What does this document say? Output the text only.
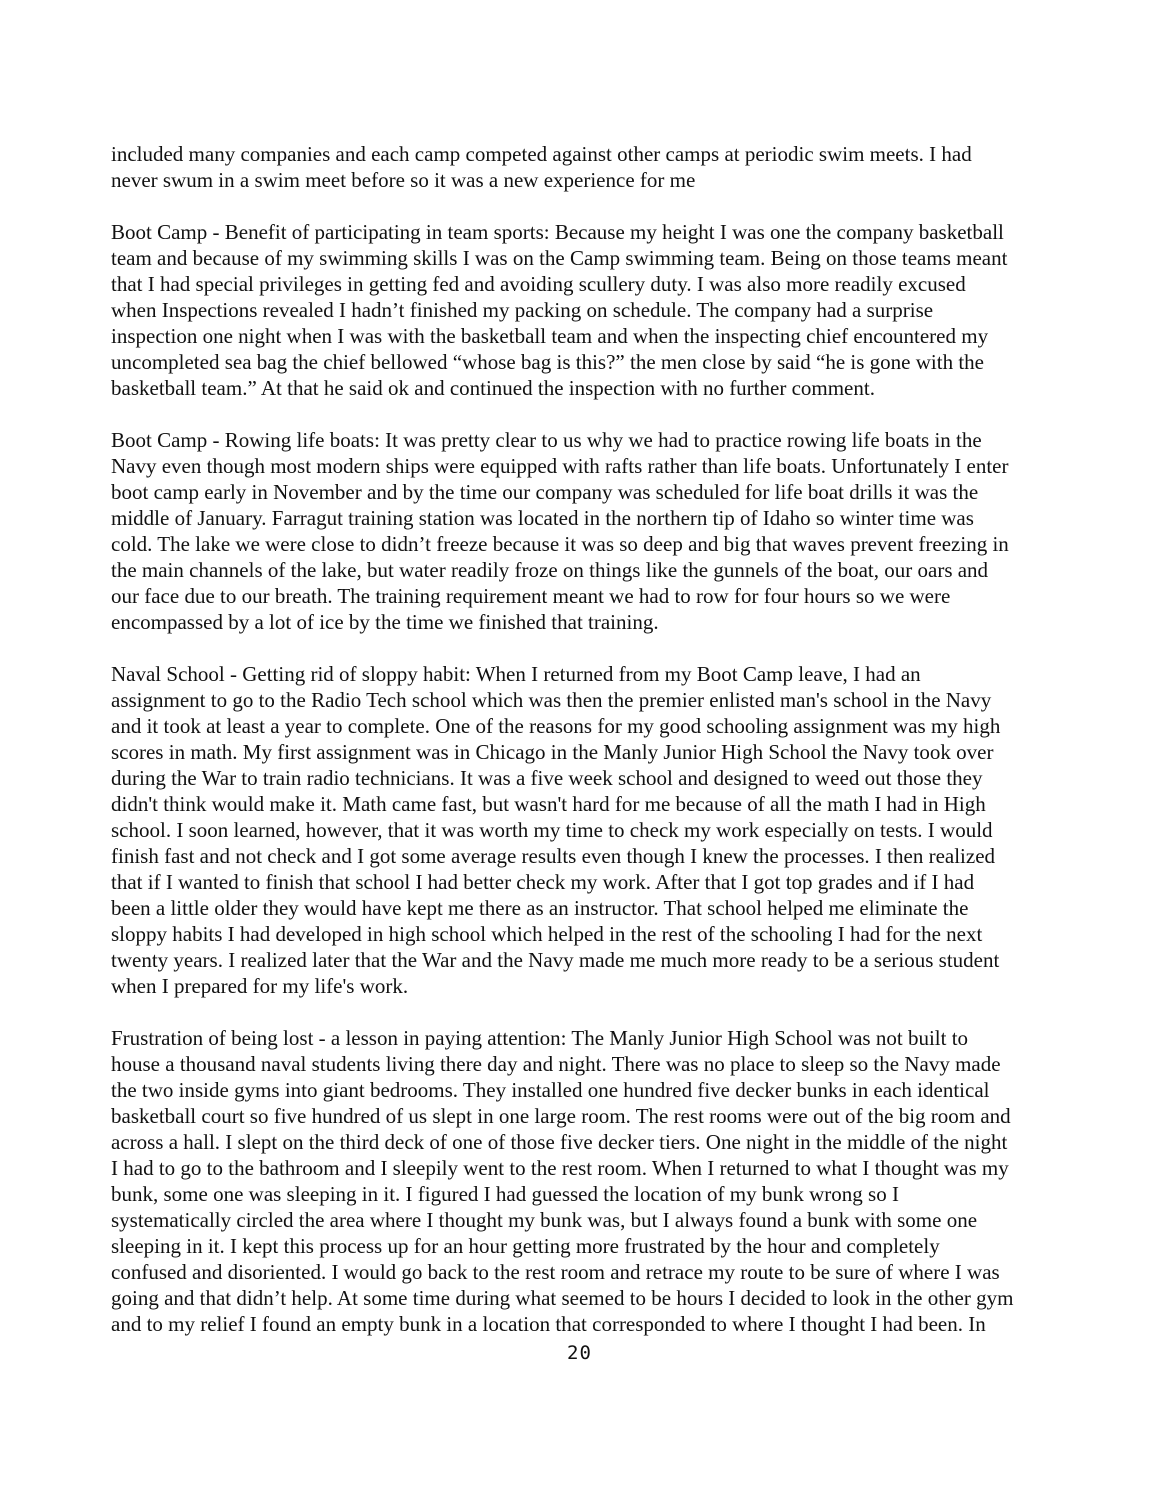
included many companies and each camp competed against other camps at periodic swim meets. I had
never swum in a swim meet before so it was a new experience for me

Boot Camp - Benefit of participating in team sports: Because my height I was one the company basketball
team and because of my swimming skills I was on the Camp swimming team. Being on those teams meant
that I had special privileges in getting fed and avoiding scullery duty. I was also more readily excused
when Inspections revealed I hadn’t finished my packing on schedule. The company had a surprise
inspection one night when I was with the basketball team and when the inspecting chief encountered my
uncompleted sea bag the chief bellowed “whose bag is this?” the men close by said “he is gone with the
basketball team.” At that he said ok and continued the inspection with no further comment.

Boot Camp - Rowing life boats: It was pretty clear to us why we had to practice rowing life boats in the
Navy even though most modern ships were equipped with rafts rather than life boats. Unfortunately I enter
boot camp early in November and by the time our company was scheduled for life boat drills it was the
middle of January. Farragut training station was located in the northern tip of Idaho so winter time was
cold. The lake we were close to didn’t freeze because it was so deep and big that waves prevent freezing in
the main channels of the lake, but water readily froze on things like the gunnels of the boat, our oars and
our face due to our breath. The training requirement meant we had to row for four hours so we were
encompassed by a lot of ice by the time we finished that training.

Naval School - Getting rid of sloppy habit: When I returned from my Boot Camp leave, I had an
assignment to go to the Radio Tech school which was then the premier enlisted man's school in the Navy
and it took at least a year to complete. One of the reasons for my good schooling assignment was my high
scores in math. My first assignment was in Chicago in the Manly Junior High School the Navy took over
during the War to train radio technicians. It was a five week school and designed to weed out those they
didn't think would make it. Math came fast, but wasn't hard for me because of all the math I had in High
school. I soon learned, however, that it was worth my time to check my work especially on tests. I would
finish fast and not check and I got some average results even though I knew the processes. I then realized
that if I wanted to finish that school I had better check my work. After that I got top grades and if I had
been a little older they would have kept me there as an instructor. That school helped me eliminate the
sloppy habits I had developed in high school which helped in the rest of the schooling I had for the next
twenty years. I realized later that the War and the Navy made me much more ready to be a serious student
when I prepared for my life's work.

Frustration of being lost - a lesson in paying attention: The Manly Junior High School was not built to
house a thousand naval students living there day and night. There was no place to sleep so the Navy made
the two inside gyms into giant bedrooms. They installed one hundred five decker bunks in each identical
basketball court so five hundred of us slept in one large room. The rest rooms were out of the big room and
across a hall. I slept on the third deck of one of those five decker tiers. One night in the middle of the night
I had to go to the bathroom and I sleepily went to the rest room. When I returned to what I thought was my
bunk, some one was sleeping in it. I figured I had guessed the location of my bunk wrong so I
systematically circled the area where I thought my bunk was, but I always found a bunk with some one
sleeping in it. I kept this process up for an hour getting more frustrated by the hour and completely
confused and disoriented. I would go back to the rest room and retrace my route to be sure of where I was
going and that didn’t help. At some time during what seemed to be hours I decided to look in the other gym
and to my relief I found an empty bunk in a location that corresponded to where I thought I had been. In

20
